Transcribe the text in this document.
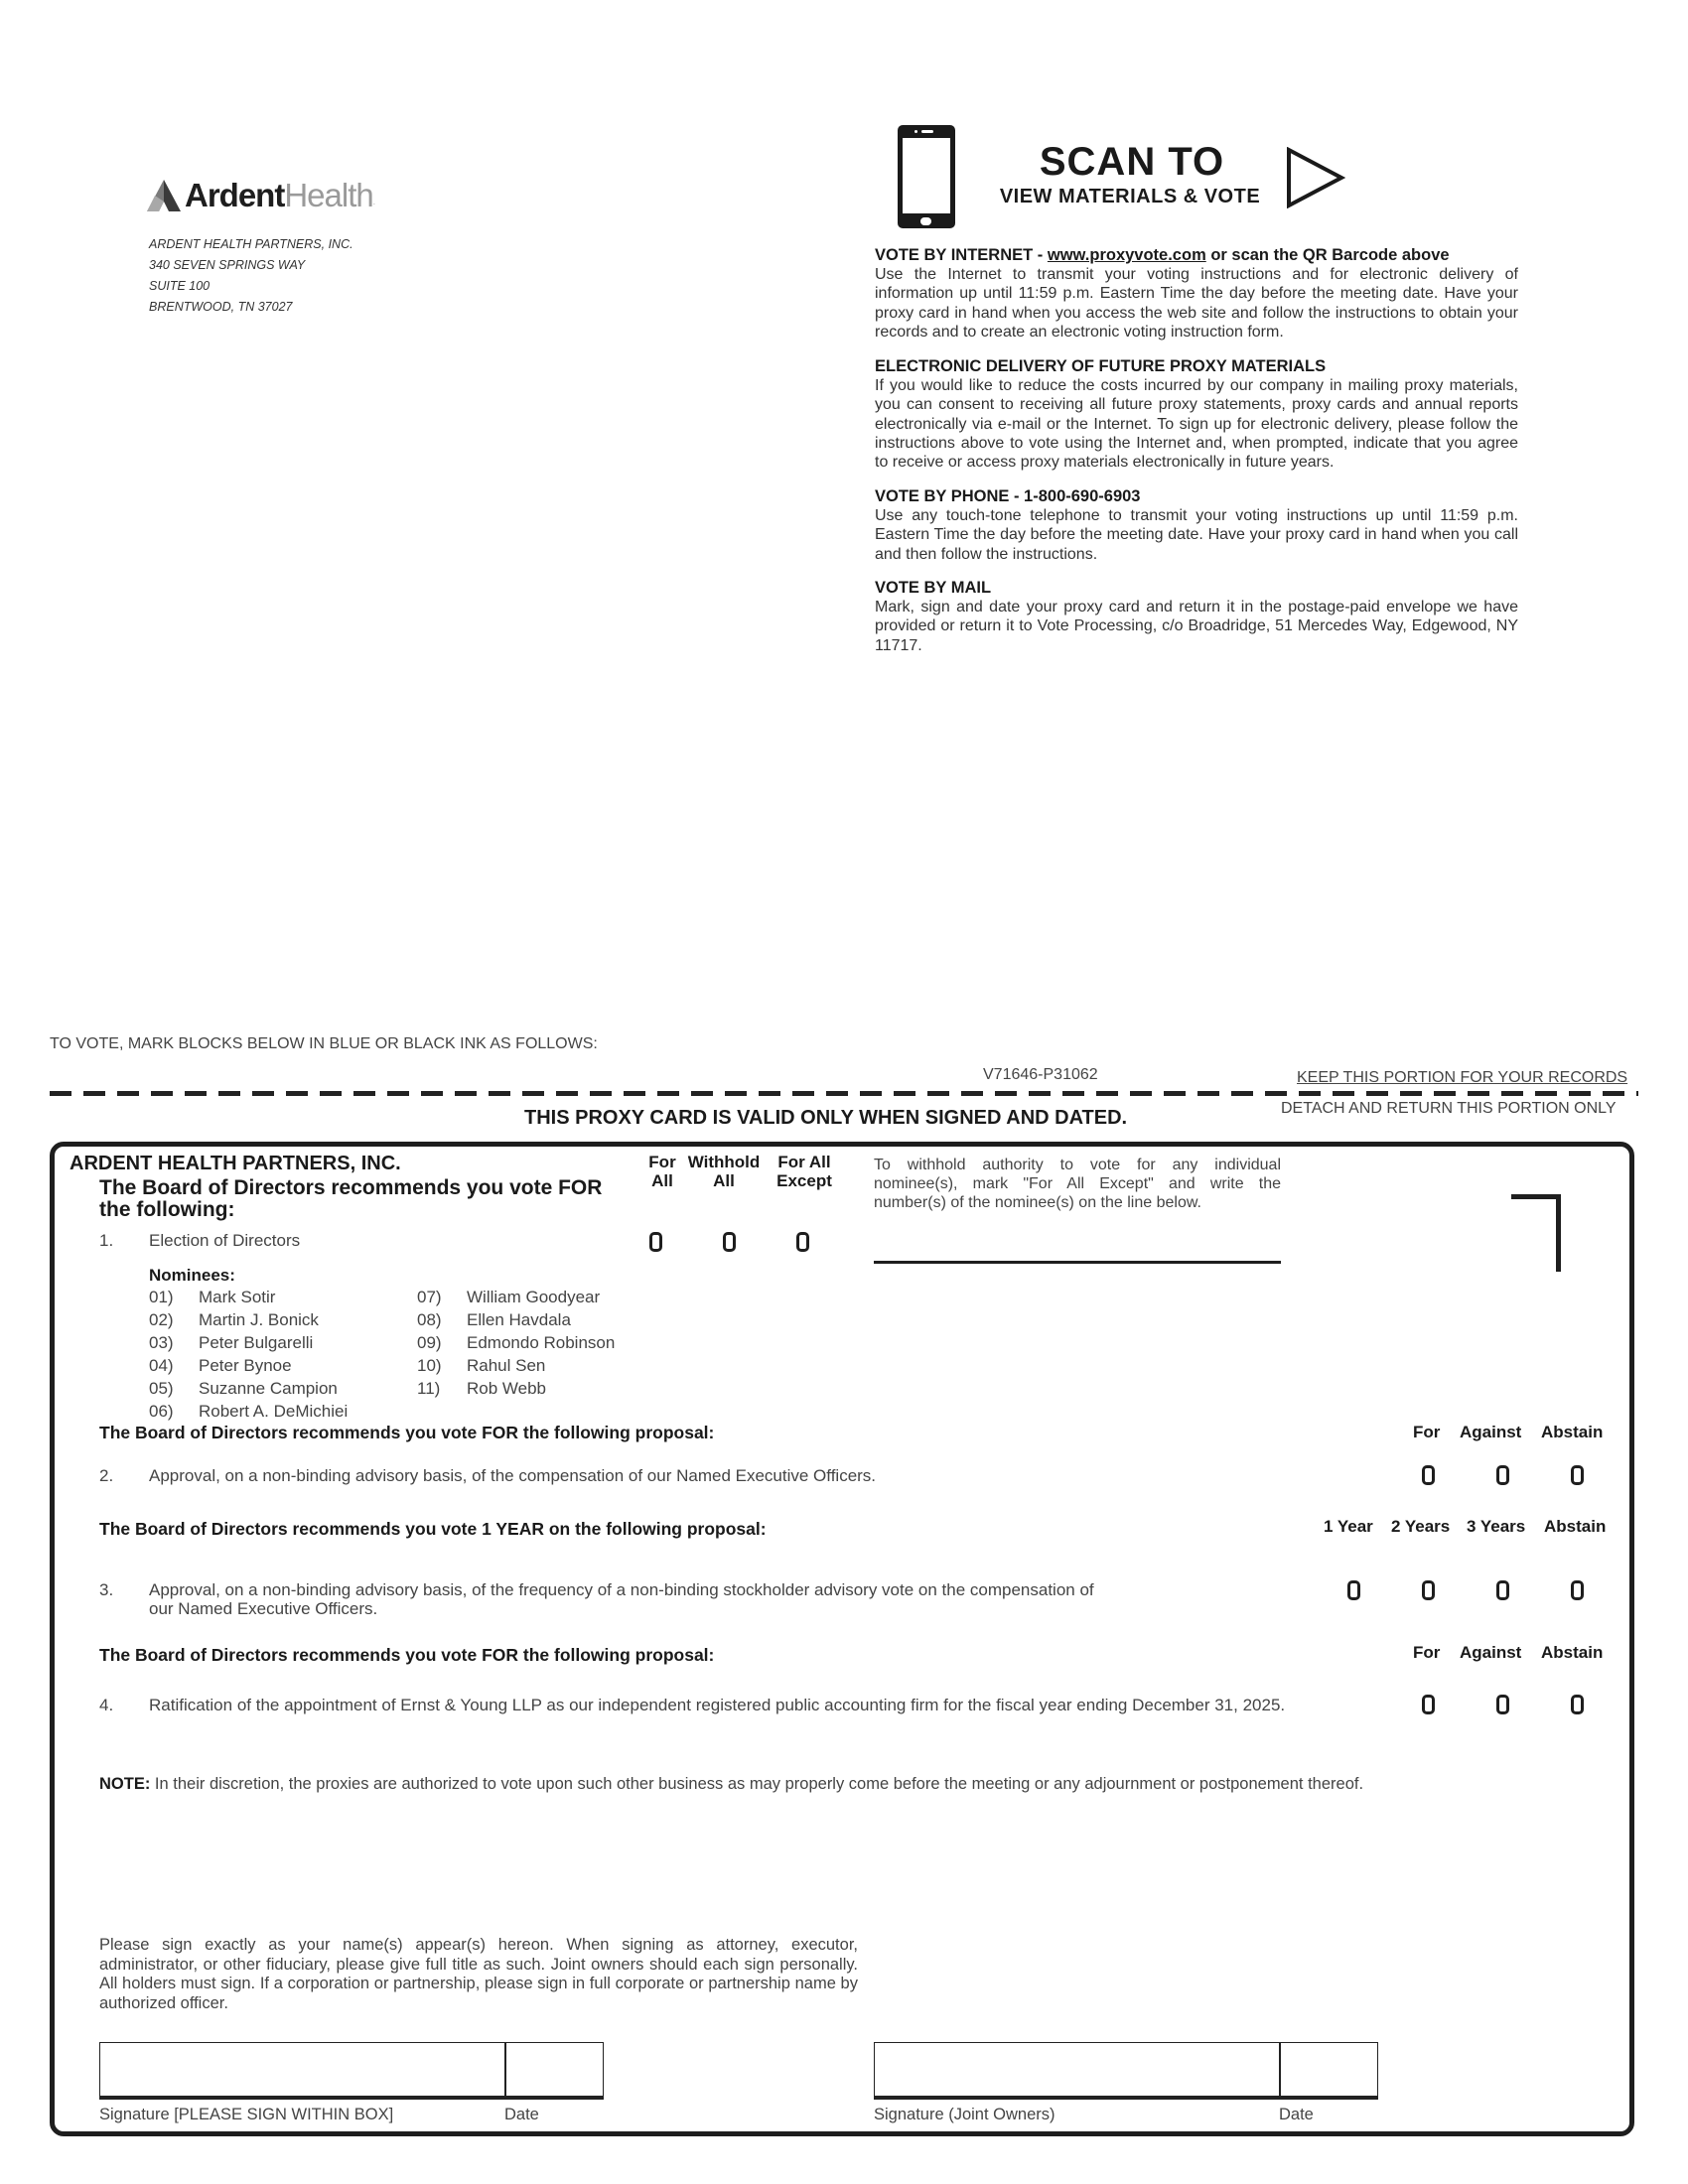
Ardent Health .
ARDENT HEALTH PARTNERS, INC.
340 SEVEN SPRINGS WAY
SUITE 100
BRENTWOOD, TN 37027
SCAN TO
VIEW MATERIALS & VOTE
VOTE BY INTERNET - www.proxyvote.com or scan the QR Barcode above

Use the Internet to transmit your voting instructions and for electronic delivery of information up until 11:59 p.m. Eastern Time the day before the meeting date. Have your proxy card in hand when you access the web site and follow the instructions to obtain your records and to create an electronic voting instruction form.

ELECTRONIC DELIVERY OF FUTURE PROXY MATERIALS

If you would like to reduce the costs incurred by our company in mailing proxy materials, you can consent to receiving all future proxy statements, proxy cards and annual reports electronically via e-mail or the Internet. To sign up for electronic delivery, please follow the instructions above to vote using the Internet and, when prompted, indicate that you agree to receive or access proxy materials electronically in future years.

VOTE BY PHONE - 1-800-690-6903

Use any touch-tone telephone to transmit your voting instructions up until 11:59 p.m. Eastern Time the day before the meeting date. Have your proxy card in hand when you call and then follow the instructions.

VOTE BY MAIL

Mark, sign and date your proxy card and return it in the postage-paid envelope we have provided or return it to Vote Processing, c/o Broadridge, 51 Mercedes Way, Edgewood, NY 11717.

TO VOTE, MARK BLOCKS BELOW IN BLUE OR BLACK INK AS FOLLOWS:
V71646-P31062	KEEP THIS PORTION FOR YOUR RECORDS
THIS PROXY CARD IS VALID ONLY WHEN SIGNED AND DATED.	DETACH AND RETURN THIS PORTION ONLY
ARDENT HEALTH PARTNERS, INC.
The Board of Directors recommends you vote FOR the following:
For
All
Withhold
All
For All
Except
1. Election of Directors
Nominees:
01) Mark Sotir
02) Martin J. Bonick
03) Peter Bulgarelli
04) Peter Bynoe
05) Suzanne Campion
06) Robert A. DeMichiei
07) William Goodyear
08) Ellen Havdala
09) Edmondo Robinson
10) Rahul Sen
11) Rob Webb
To withhold authority to vote for any individual nominee(s), mark "For All Except" and write the number(s) of the nominee(s) on the line below.
The Board of Directors recommends you vote FOR the following proposal:	For Against Abstain
2. Approval, on a non-binding advisory basis, of the compensation of our Named Executive Officers.
The Board of Directors recommends you vote 1 YEAR on the following proposal:	1 Year 2 Years 3 Years Abstain
3. Approval, on a non-binding advisory basis, of the frequency of a non-binding stockholder advisory vote on the compensation of
our Named Executive Officers.
The Board of Directors recommends you vote FOR the following proposal:	For Against Abstain
4. Ratification of the appointment of Ernst & Young LLP as our independent registered public accounting firm for the fiscal year ending December 31, 2025.
NOTE: In their discretion, the proxies are authorized to vote upon such other business as may properly come before the meeting or any adjournment or postponement thereof.
Please sign exactly as your name(s) appear(s) hereon. When signing as attorney, executor, administrator, or other fiduciary, please give full title as such. Joint owners should each sign personally. All holders must sign. If a corporation or partnership, please sign in full corporate or partnership name by authorized officer.
Signature [PLEASE SIGN WITHIN BOX]	Date	Signature (Joint Owners)	Date
